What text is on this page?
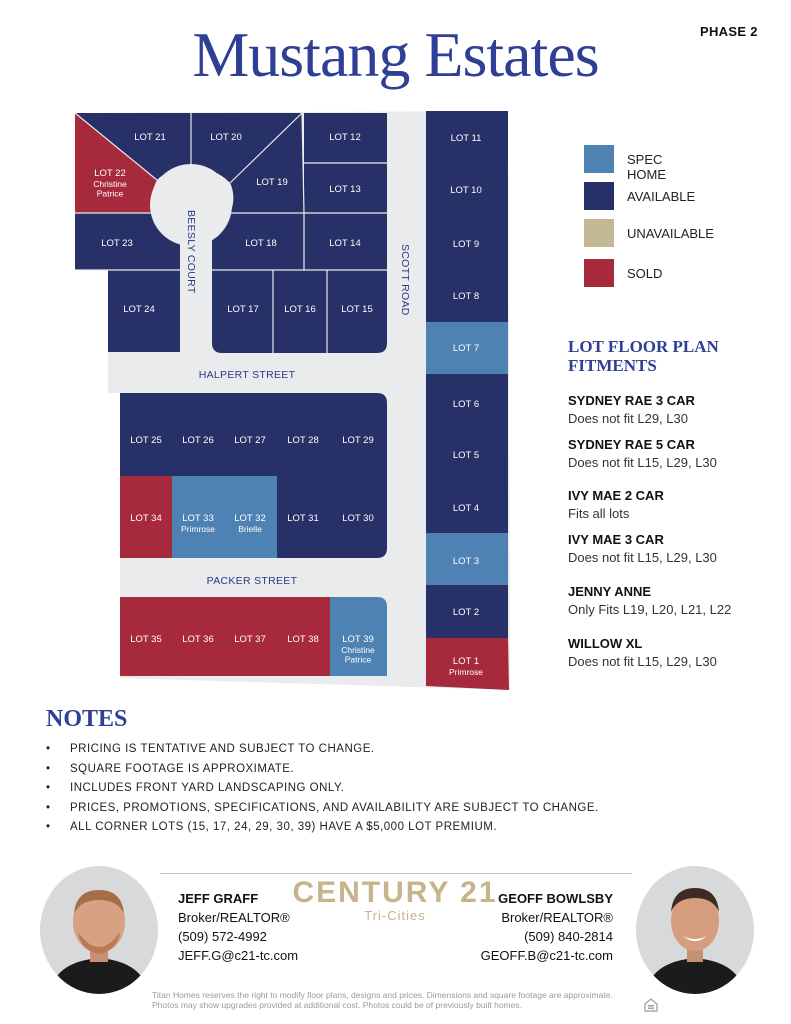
PHASE 2
Mustang Estates
LOT 21	LOT 20
LOT 22
Christine
Patrice
LOT 19
LOT 12
LOT 13
LOT 23	LOT 18	LOT 14
LOT 24	LOT 17	LOT 16	LOT 15
LOT 11
LOT 10
LOT 9
LOT 8
LOT 7
LOT 6
LOT 5
LOT 4
LOT 3
LOT 2
LOT 1
Primrose
LOT 25 LOT 26 LOT 27 LOT 28 LOT 29
LOT 34 LOT 33
Primrose
LOT 32
Brielle
LOT 31 LOT 30
LOT 35 LOT 36 LOT 37 LOT 38 LOT 39
Christine
Patrice
BEESLY COURT	SCOTT ROAD
HALPERT STREET
PACKER STREET
SPEC HOME
AVAILABLE
UNAVAILABLE
SOLD
LOT FLOOR PLAN FITMENTS
SYDNEY RAE 3 CAR
Does not fit L29, L30
SYDNEY RAE 5 CAR
Does not fit L15, L29, L30
IVY MAE 2 CAR
Fits all lots
IVY MAE 3 CAR
Does not fit L15, L29, L30
JENNY ANNE
Only Fits L19, L20, L21, L22
WILLOW XL
Does not fit L15, L29, L30
NOTES
• PRICING IS TENTATIVE AND SUBJECT TO CHANGE.
• SQUARE FOOTAGE IS APPROXIMATE.
• INCLUDES FRONT YARD LANDSCAPING ONLY.
• PRICES, PROMOTIONS, SPECIFICATIONS, AND AVAILABILITY ARE SUBJECT TO CHANGE.
• ALL CORNER LOTS (15, 17, 24, 29, 30, 39) HAVE A $5,000 LOT PREMIUM.
JEFF GRAFF
Broker/REALTOR®
(509) 572-4992
JEFF.G@c21-tc.com
CENTURY 21
Tri-Cities
GEOFF BOWLSBY
Broker/REALTOR®
(509) 840-2814
GEOFF.B@c21-tc.com
Titan Homes reserves the right to modify floor plans, designs and prices. Dimensions and square footage are approximate.
Photos may show upgrades provided at additional cost. Photos could be of previously built homes.
